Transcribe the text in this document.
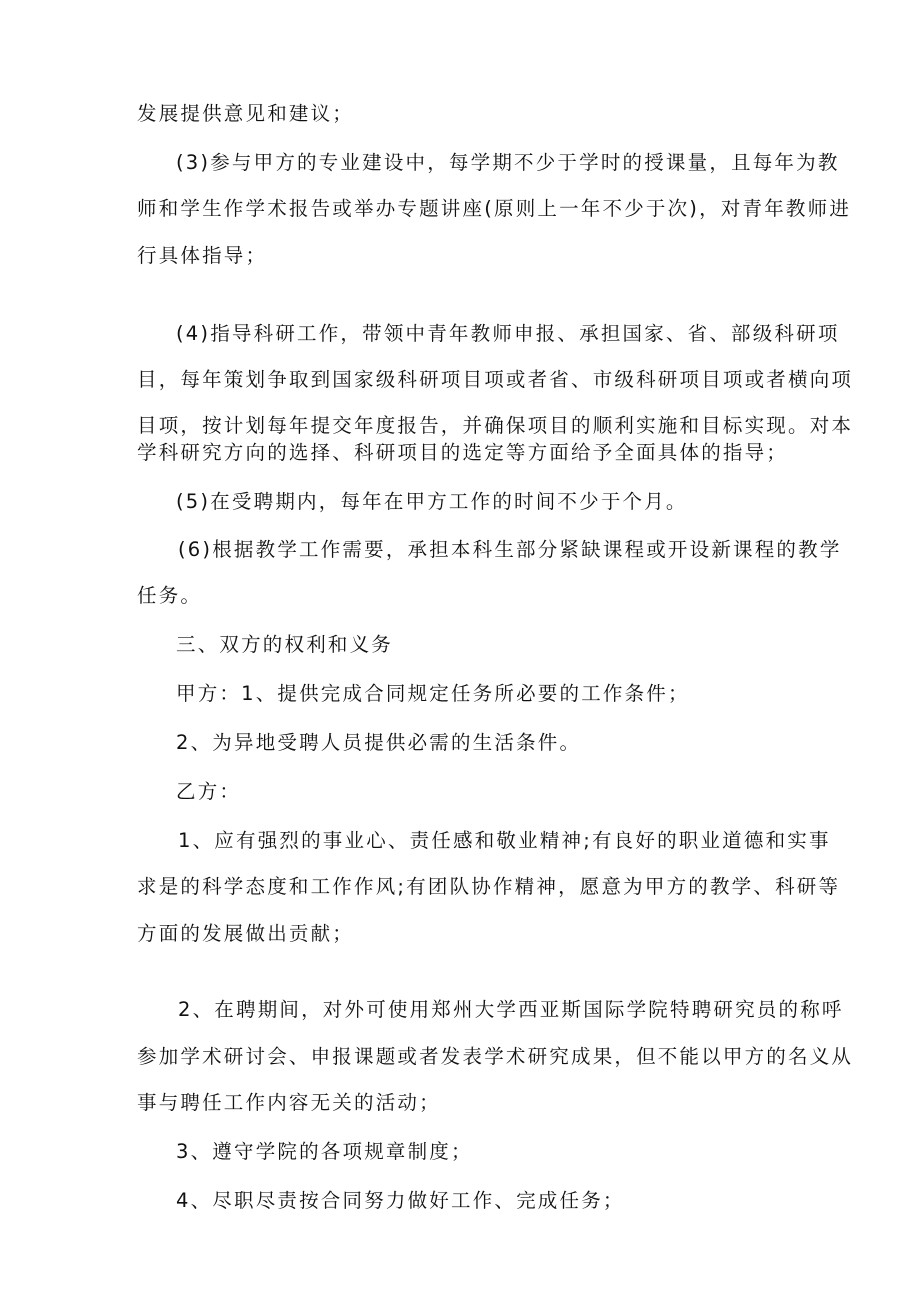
发展提供意见和建议；
(3)参与甲方的专业建设中，每学期不少于学时的授课量，且每年为教
师和学生作学术报告或举办专题讲座(原则上一年不少于次)，对青年教师进
行具体指导；
(4)指导科研工作，带领中青年教师申报、承担国家、省、部级科研项
目，每年策划争取到国家级科研项目项或者省、市级科研项目项或者横向项
目项，按计划每年提交年度报告，并确保项目的顺利实施和目标实现。对本
学科研究方向的选择、科研项目的选定等方面给予全面具体的指导；
(5)在受聘期内，每年在甲方工作的时间不少于个月。
(6)根据教学工作需要，承担本科生部分紧缺课程或开设新课程的教学
任务。
三、双方的权利和义务
甲方：1、提供完成合同规定任务所必要的工作条件；
2、为异地受聘人员提供必需的生活条件。
乙方：
1、应有强烈的事业心、责任感和敬业精神;有良好的职业道德和实事
求是的科学态度和工作作风;有团队协作精神，愿意为甲方的教学、科研等
方面的发展做出贡献；
2、在聘期间，对外可使用郑州大学西亚斯国际学院特聘研究员的称呼
参加学术研讨会、申报课题或者发表学术研究成果，但不能以甲方的名义从
事与聘任工作内容无关的活动；
3、遵守学院的各项规章制度；
4、尽职尽责按合同努力做好工作、完成任务；
